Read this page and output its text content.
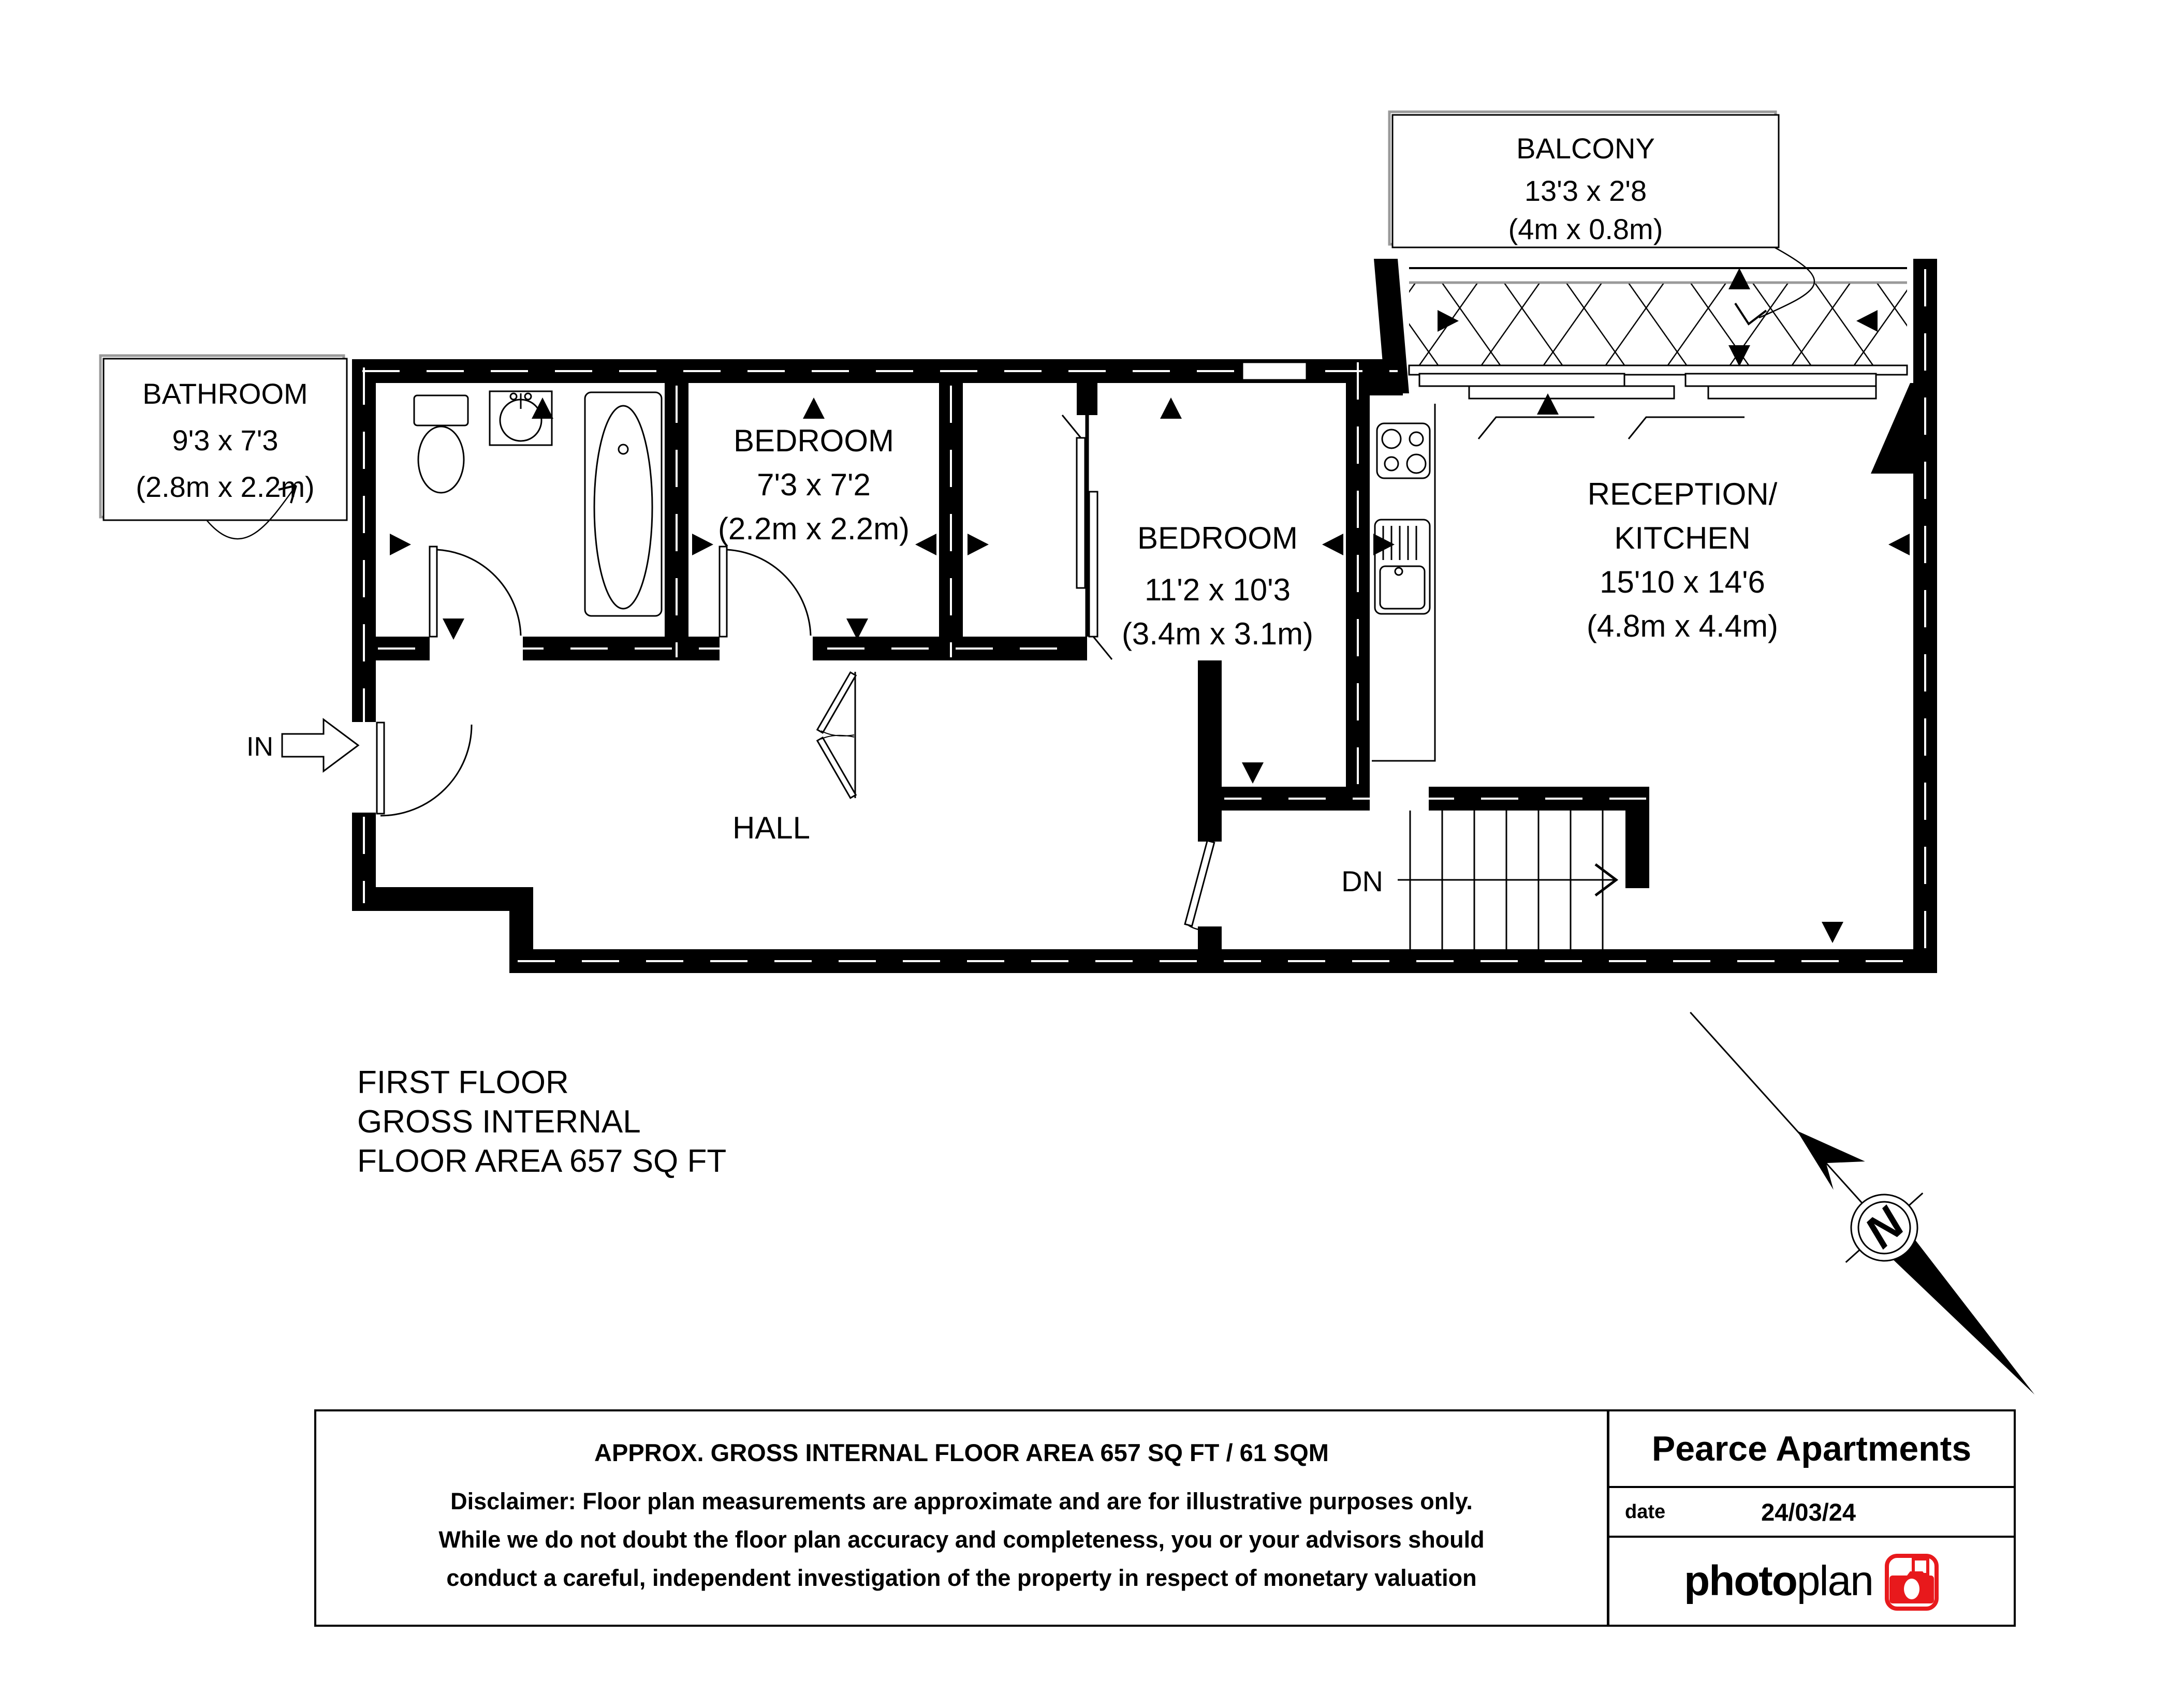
BATHROOM
9'3 x 7'3
(2.8m x 2.2m)
BALCONY
13'3 x 2'8
(4m x 0.8m)
BEDROOM
7'3 x 7'2
(2.2m x 2.2m)	BEDROOM
11'2 x 10'3
(3.4m x 3.1m)
RECEPTION/
KITCHEN
15'10 x 14'6
(4.8m x 4.4m)
HALL
DN
IN
FIRST FLOOR
GROSS INTERNAL
FLOOR AREA 657 SQ FT
N
APPROX. GROSS INTERNAL FLOOR AREA 657 SQ FT / 61 SQM
Disclaimer: Floor plan measurements are approximate and are for illustrative purposes only.
While we do not doubt the floor plan accuracy and completeness, you or your advisors should
conduct a careful, independent investigation of the property in respect of monetary valuation
Pearce Apartments
date	24/03/24
photoplan
